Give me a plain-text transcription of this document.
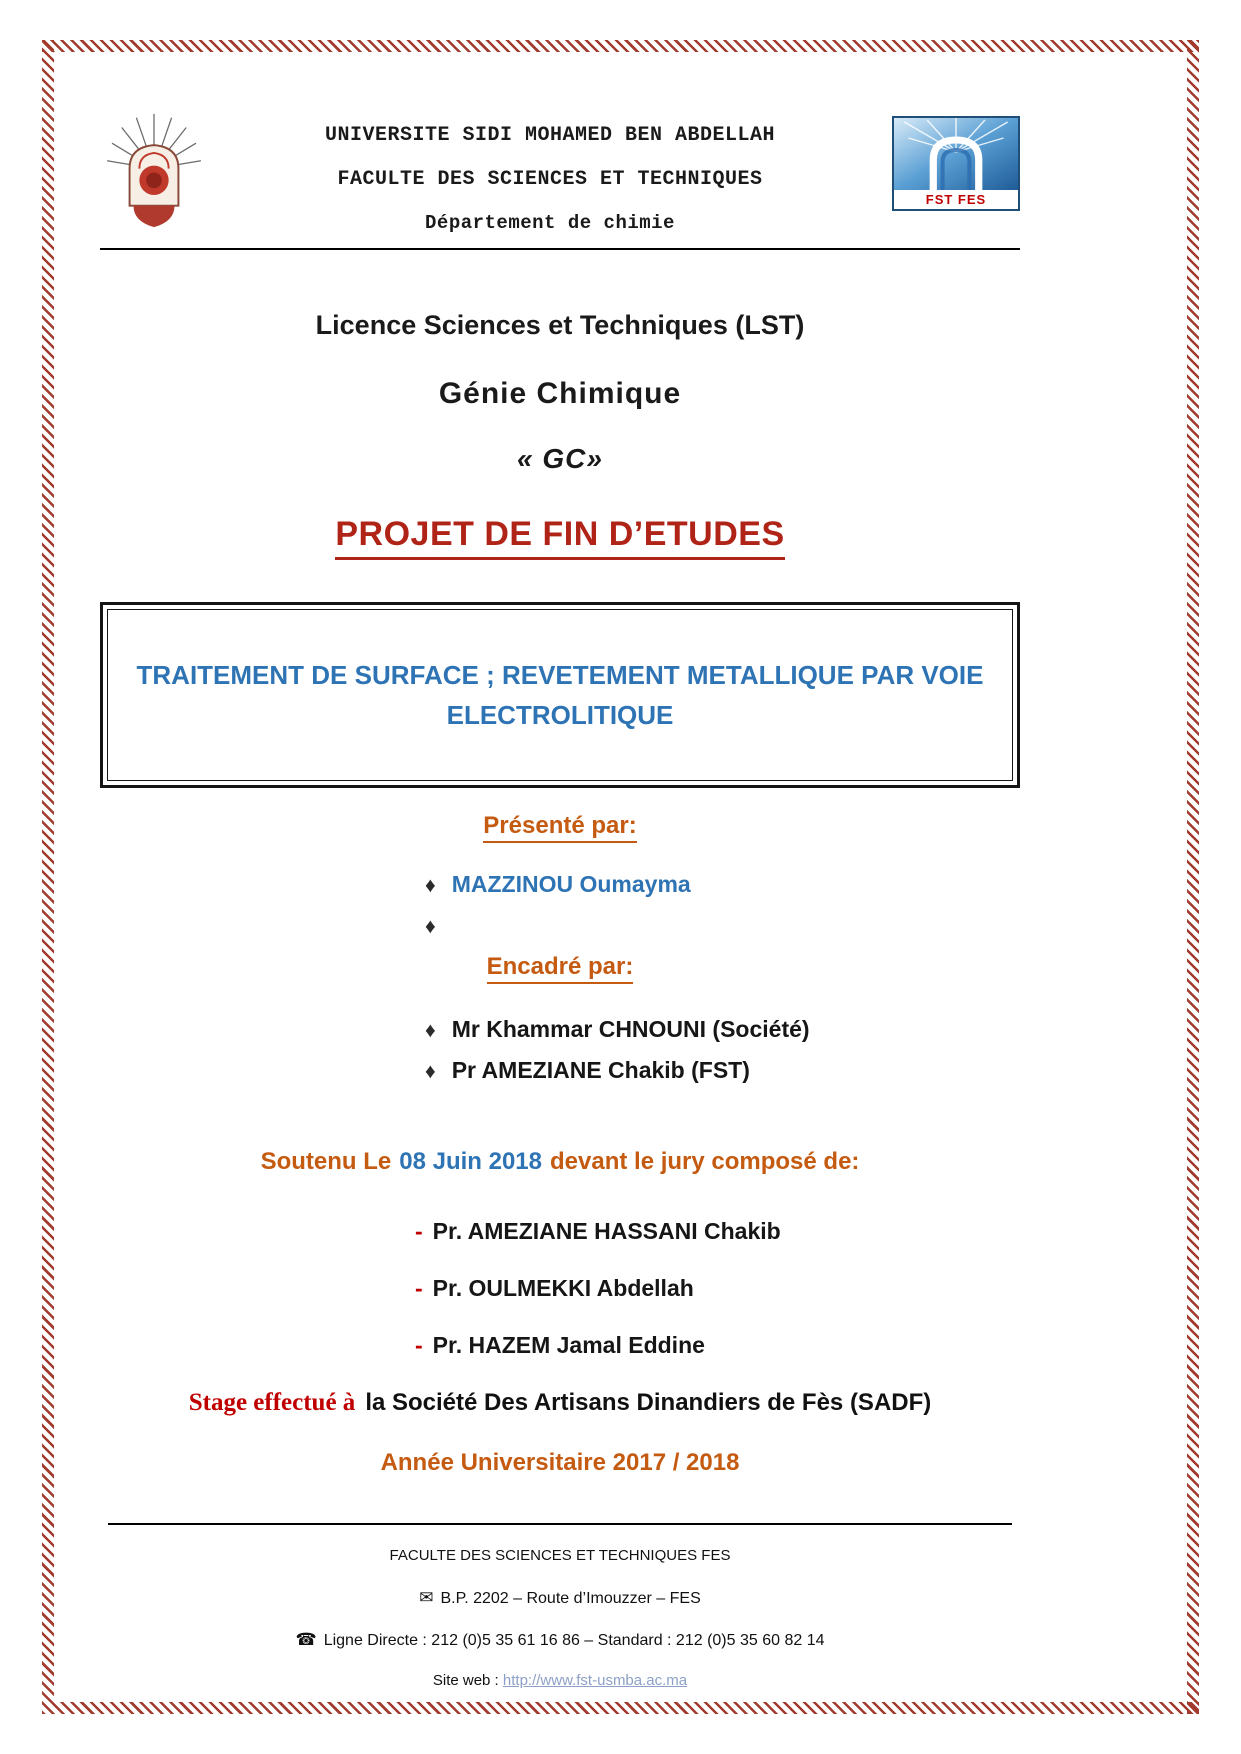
UNIVERSITE SIDI MOHAMED BEN ABDELLAH
FACULTE DES SCIENCES ET TECHNIQUES
Département de chimie
FST FES
Licence Sciences et Techniques (LST)
Génie Chimique
« GC»
PROJET DE FIN D’ETUDES
TRAITEMENT DE SURFACE ; REVETEMENT METALLIQUE PAR VOIE ELECTROLITIQUE
Présenté par:
♦ MAZZINOU Oumayma
♦
Encadré par:
♦ Mr Khammar CHNOUNI (Société)
♦ Pr AMEZIANE Chakib (FST)
Soutenu Le 08 Juin 2018 devant le jury composé de:
- Pr. AMEZIANE HASSANI Chakib
- Pr. OULMEKKI Abdellah
- Pr. HAZEM Jamal Eddine
Stage effectué à la Société Des Artisans Dinandiers de Fès (SADF)
Année Universitaire 2017 / 2018
FACULTE DES SCIENCES ET TECHNIQUES FES
✉ B.P. 2202 – Route d’Imouzzer – FES
☎ Ligne Directe : 212 (0)5 35 61 16 86 – Standard : 212 (0)5 35 60 82 14
Site web : http://www.fst-usmba.ac.ma
